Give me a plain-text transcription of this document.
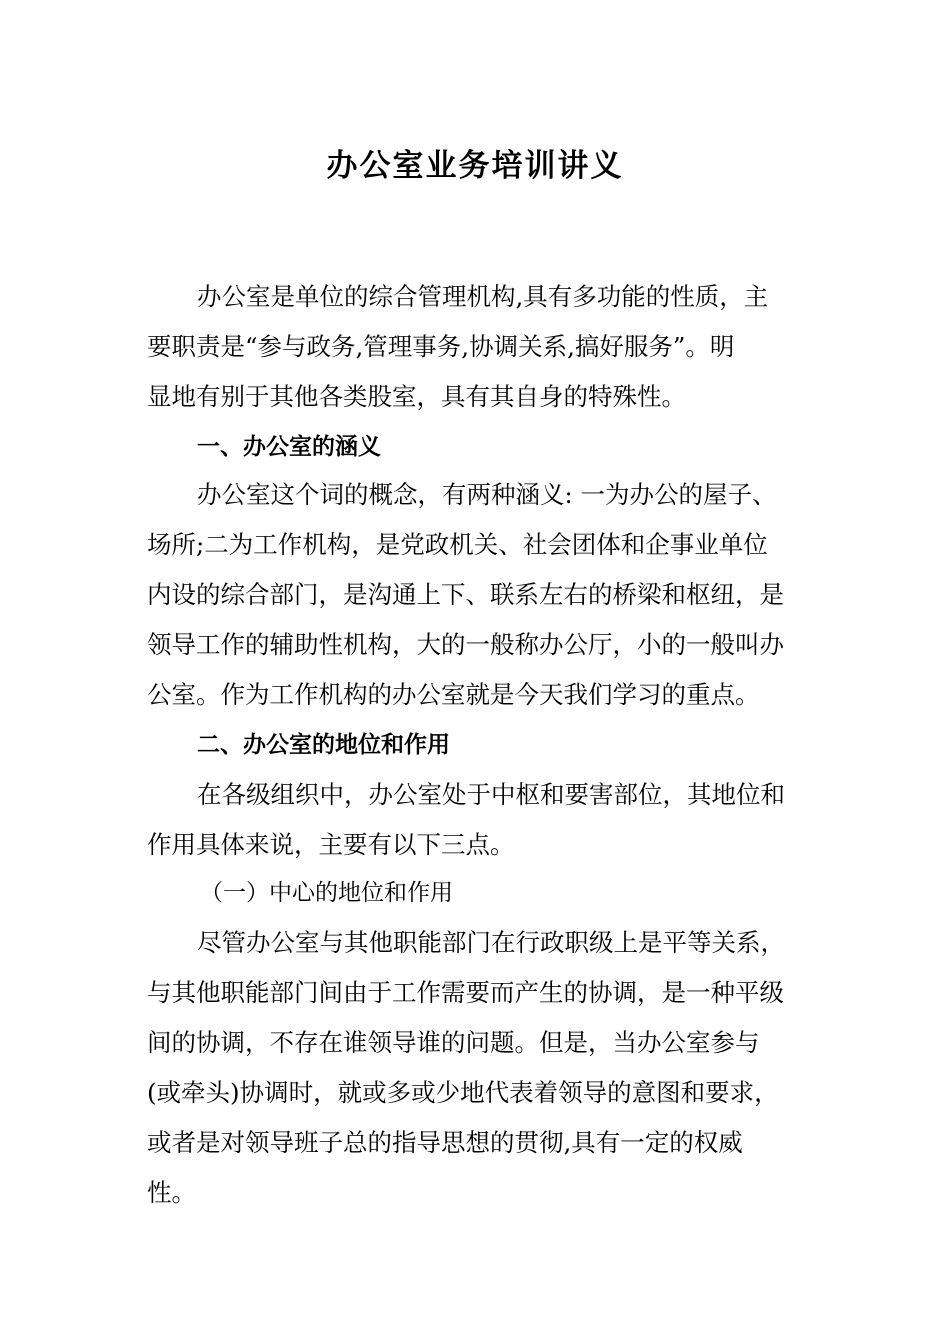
办公室业务培训讲义
办公室是单位的综合管理机构,具有多功能的性质，主
要职责是“参与政务,管理事务,协调关系,搞好服务”。明
显地有别于其他各类股室，具有其自身的特殊性。
一、办公室的涵义
办公室这个词的概念，有两种涵义: 一为办公的屋子、
场所;二为工作机构，是党政机关、社会团体和企事业单位
内设的综合部门，是沟通上下、联系左右的桥梁和枢纽，是
领导工作的辅助性机构，大的一般称办公厅，小的一般叫办
公室。作为工作机构的办公室就是今天我们学习的重点。
二、办公室的地位和作用
在各级组织中，办公室处于中枢和要害部位，其地位和
作用具体来说，主要有以下三点。
（一）中心的地位和作用
尽管办公室与其他职能部门在行政职级上是平等关系，
与其他职能部门间由于工作需要而产生的协调，是一种平级
间的协调，不存在谁领导谁的问题。但是，当办公室参与
(或牵头)协调时，就或多或少地代表着领导的意图和要求，
或者是对领导班子总的指导思想的贯彻,具有一定的权威
性。
